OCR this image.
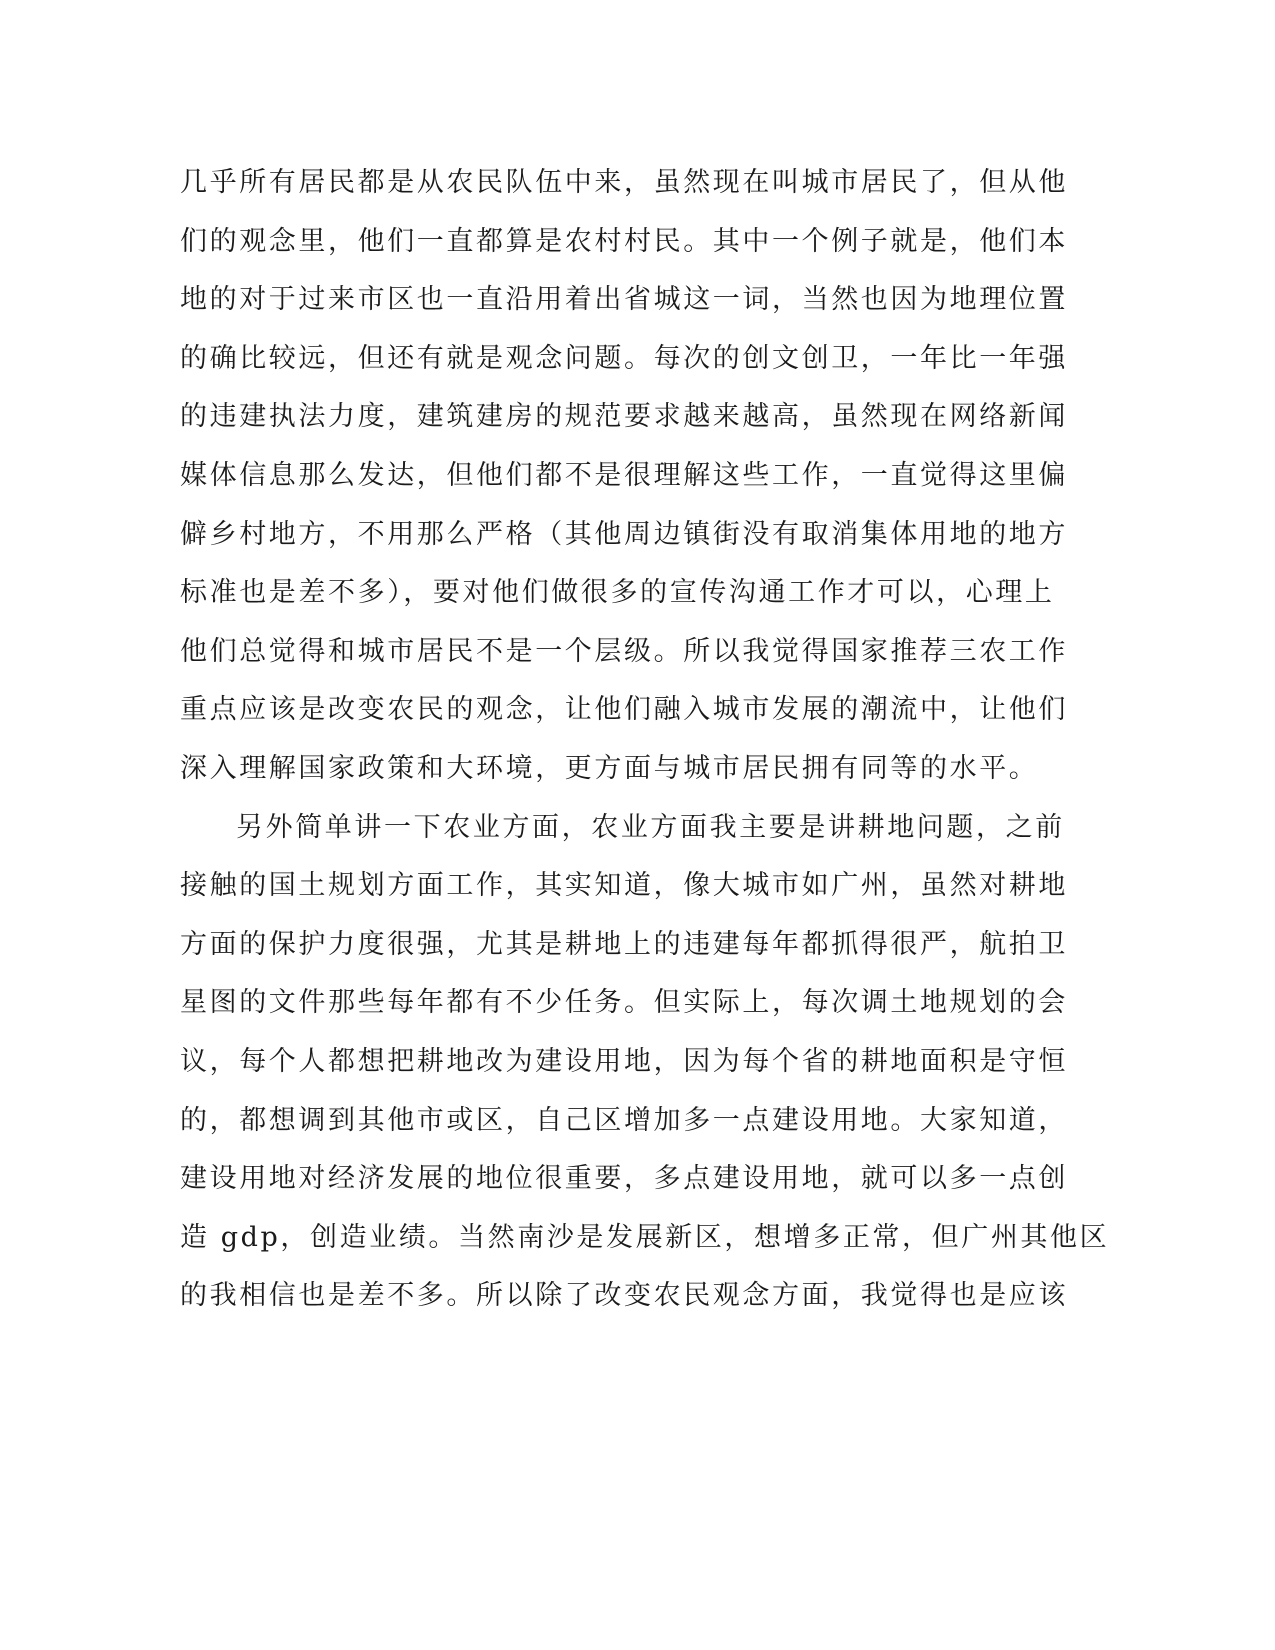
几乎所有居民都是从农民队伍中来，虽然现在叫城市居民了，但从他
们的观念里，他们一直都算是农村村民。其中一个例子就是，他们本
地的对于过来市区也一直沿用着出省城这一词，当然也因为地理位置
的确比较远，但还有就是观念问题。每次的创文创卫，一年比一年强
的违建执法力度，建筑建房的规范要求越来越高，虽然现在网络新闻
媒体信息那么发达，但他们都不是很理解这些工作，一直觉得这里偏
僻乡村地方，不用那么严格（其他周边镇街没有取消集体用地的地方
标准也是差不多），要对他们做很多的宣传沟通工作才可以，心理上
他们总觉得和城市居民不是一个层级。所以我觉得国家推荐三农工作
重点应该是改变农民的观念，让他们融入城市发展的潮流中，让他们
深入理解国家政策和大环境，更方面与城市居民拥有同等的水平。
另外简单讲一下农业方面，农业方面我主要是讲耕地问题，之前
接触的国土规划方面工作，其实知道，像大城市如广州，虽然对耕地
方面的保护力度很强，尤其是耕地上的违建每年都抓得很严，航拍卫
星图的文件那些每年都有不少任务。但实际上，每次调土地规划的会
议，每个人都想把耕地改为建设用地，因为每个省的耕地面积是守恒
的，都想调到其他市或区，自己区增加多一点建设用地。大家知道，
建设用地对经济发展的地位很重要，多点建设用地，就可以多一点创
造 gdp，创造业绩。当然南沙是发展新区，想增多正常，但广州其他区
的我相信也是差不多。所以除了改变农民观念方面，我觉得也是应该
